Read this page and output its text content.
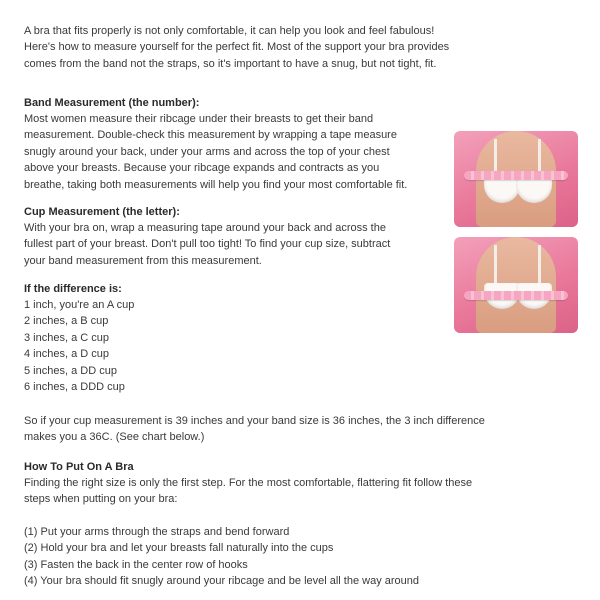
A bra that fits properly is not only comfortable, it can help you look and feel fabulous!
Here's how to measure yourself for the perfect fit. Most of the support your bra provides
comes from the band not the straps, so it's important to have a snug, but not tight, fit.
Band Measurement (the number):
Most women measure their ribcage under their breasts to get their band
measurement. Double-check this measurement by wrapping a tape measure
snugly around your back, under your arms and across the top of your chest
above your breasts. Because your ribcage expands and contracts as you
breathe, taking both measurements will help you find your most comfortable fit.
Cup Measurement (the letter):
With your bra on, wrap a measuring tape around your back and across the
fullest part of your breast. Don't pull too tight! To find your cup size, subtract
your band measurement from this measurement.
If the difference is:
1 inch, you're an A cup
2 inches, a B cup
3 inches, a C cup
4 inches, a D cup
5 inches, a DD cup
6 inches, a DDD cup
So if your cup measurement is 39 inches and your band size is 36 inches, the 3 inch difference
makes you a 36C. (See chart below.)
How To Put On A Bra
Finding the right size is only the first step. For the most comfortable, flattering fit follow these
steps when putting on your bra:
(1) Put your arms through the straps and bend forward
(2) Hold your bra and let your breasts fall naturally into the cups
(3) Fasten the back in the center row of hooks
(4) Your bra should fit snugly around your ribcage and be level all the way around
